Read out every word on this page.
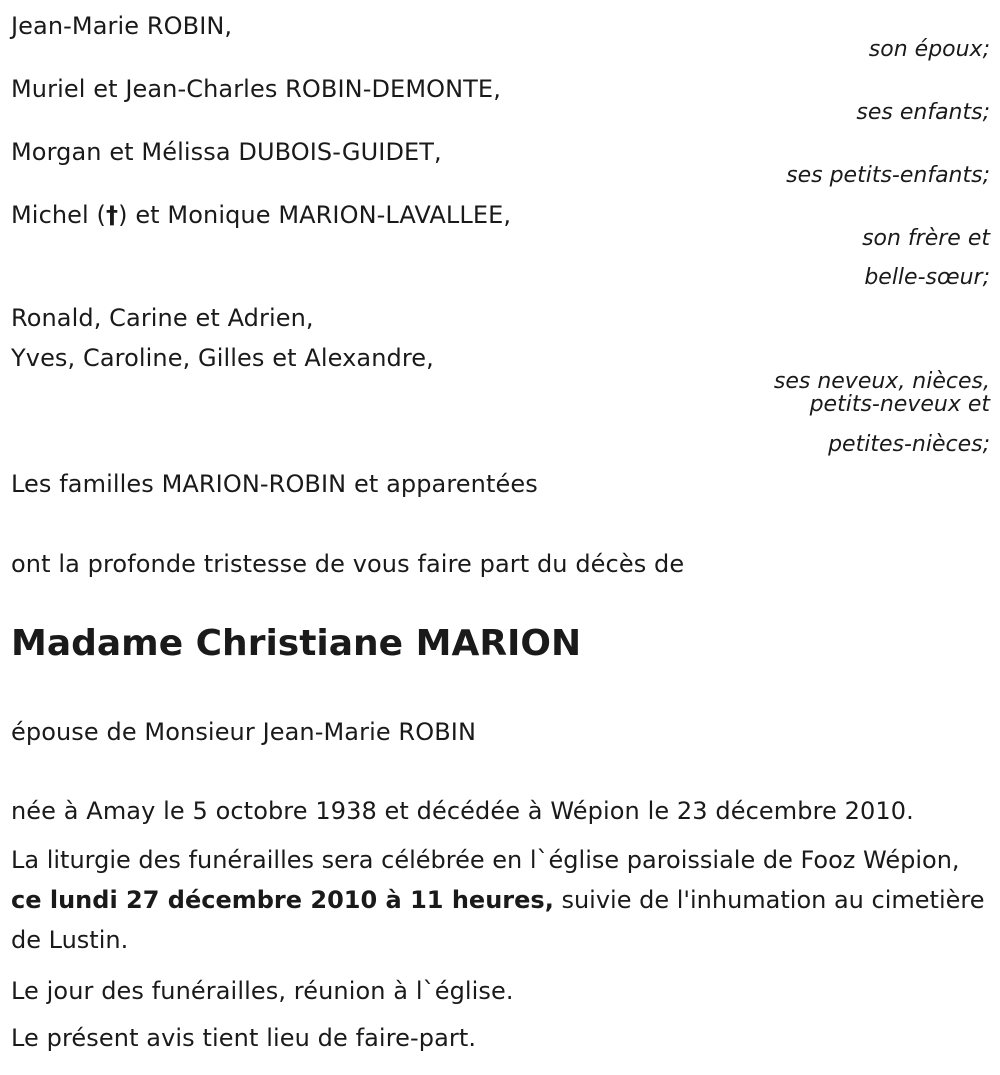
Jean-Marie ROBIN,
son époux;
Muriel et Jean-Charles ROBIN-DEMONTE,
ses enfants;
Morgan et Mélissa DUBOIS-GUIDET,
ses petits-enfants;
Michel (†) et Monique MARION-LAVALLEE,
son frère et
belle-sœur;
Ronald, Carine et Adrien,
Yves, Caroline, Gilles et Alexandre,
ses neveux, nièces,
petits-neveux et
petites-nièces;
Les familles MARION-ROBIN et apparentées
ont la profonde tristesse de vous faire part du décès de
Madame Christiane MARION
épouse de Monsieur Jean-Marie ROBIN
née à Amay le 5 octobre 1938 et décédée à Wépion le 23 décembre 2010.
La liturgie des funérailles sera célébrée en l`église paroissiale de Fooz Wépion, ce lundi 27 décembre 2010 à 11 heures, suivie de l'inhumation au cimetière de Lustin.
Le jour des funérailles, réunion à l`église.
Le présent avis tient lieu de faire-part.
